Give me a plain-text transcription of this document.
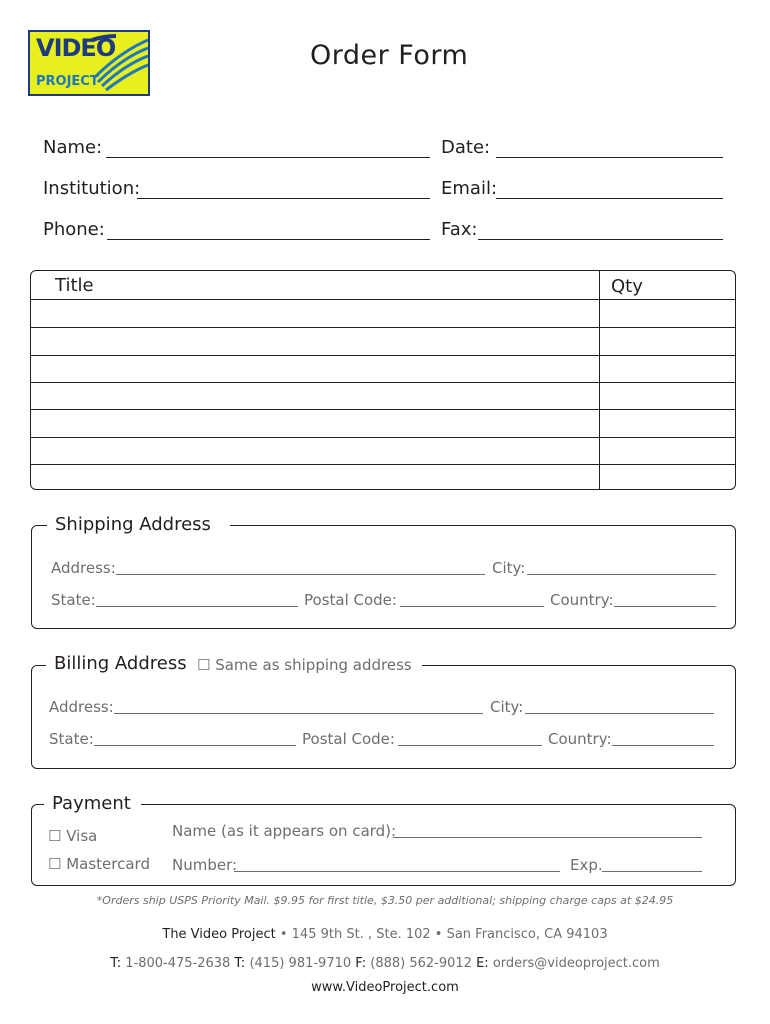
VIDEO
PROJECT
Order Form
Name:	Date:
Institution:	Email:
Phone:	Fax:
Title	Qty
Shipping Address
Address:	City:
State:	Postal Code:	Country:
Billing Address ☐ Same as shipping address
Address:	City:
State:	Postal Code:	Country:
Payment
☐ Visa
☐ Mastercard
Name (as it appears on card):
Number:	Exp.
*Orders ship USPS Priority Mail. $9.95 for first title, $3.50 per additional; shipping charge caps at $24.95
The Video Project • 145 9th St. , Ste. 102 • San Francisco, CA 94103
T: 1-800-475-2638 T: (415) 981-9710 F: (888) 562-9012 E: orders@videoproject.com
www.VideoProject.com
